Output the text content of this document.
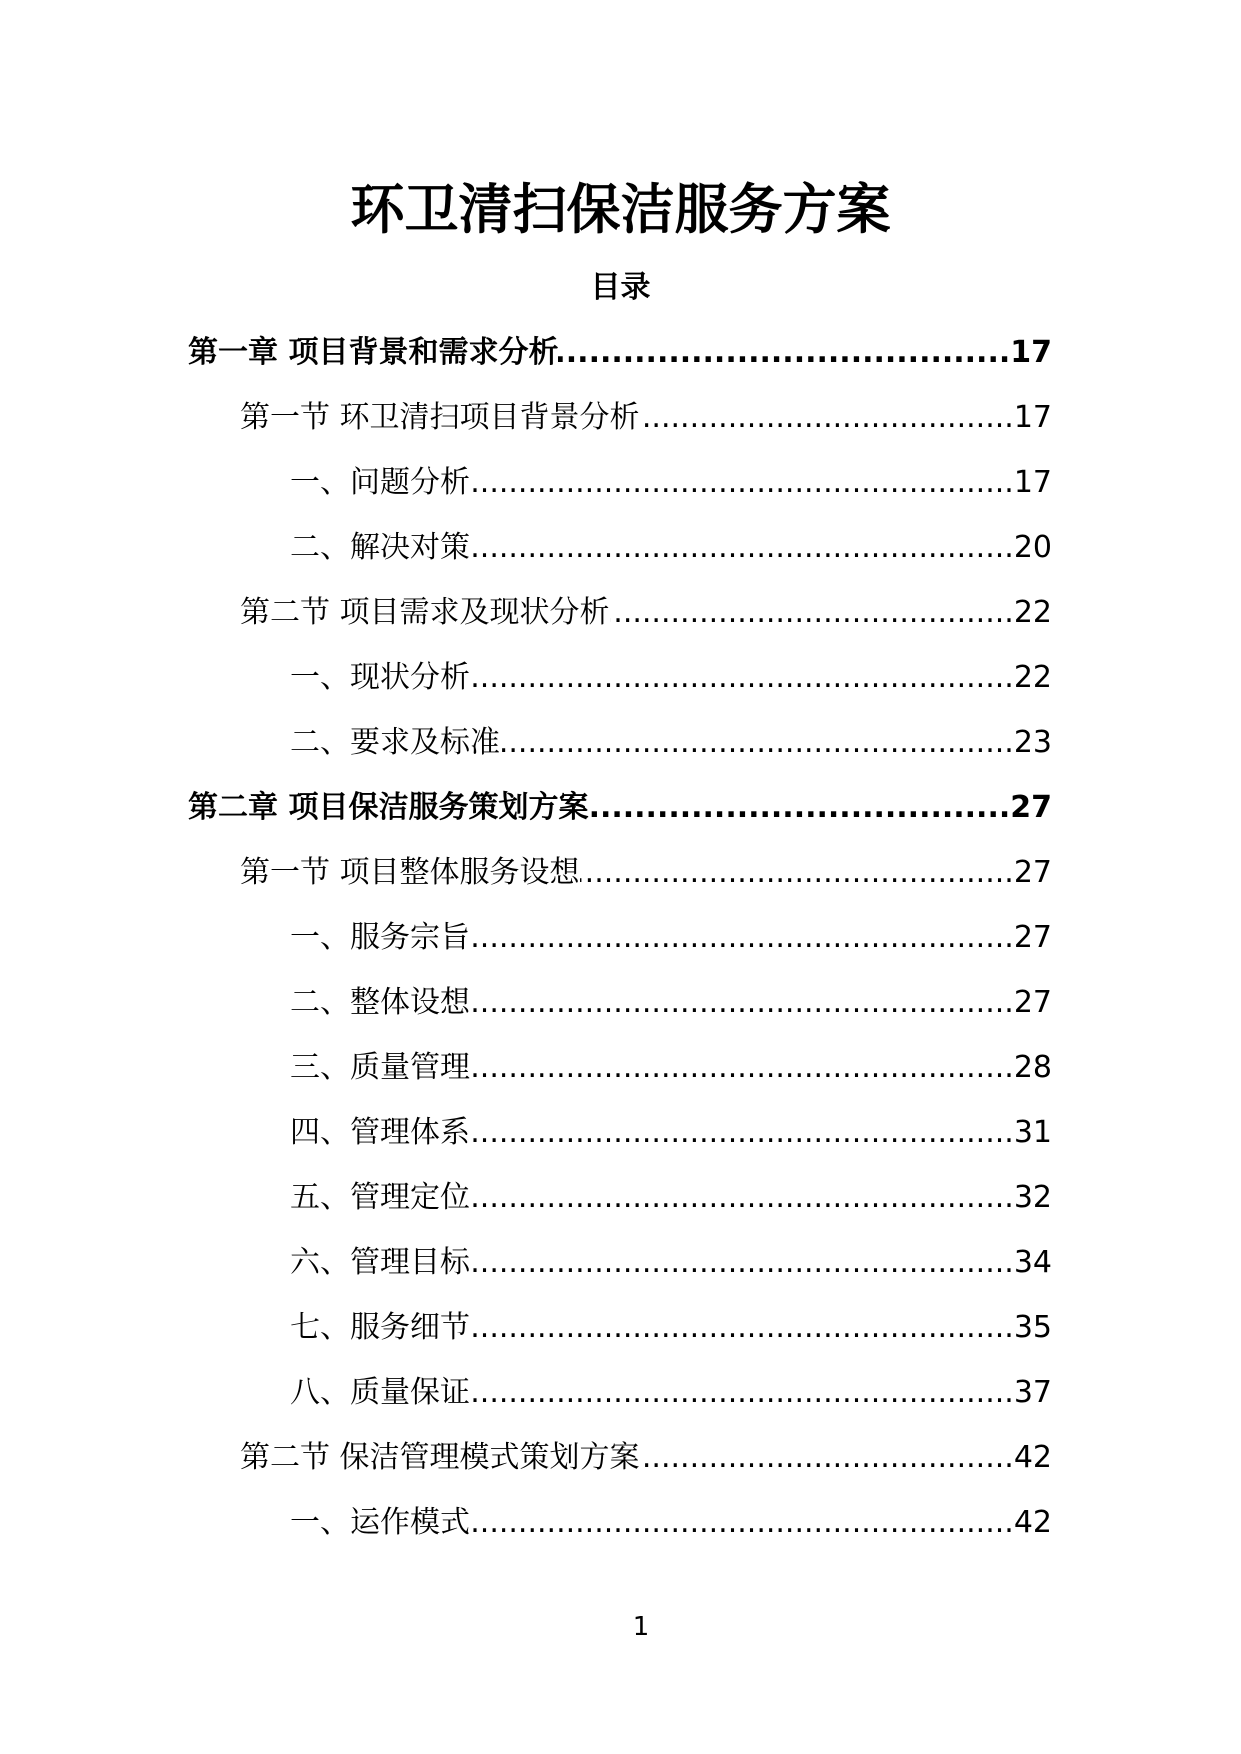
环卫清扫保洁服务方案
目录
第一章 项目背景和需求分析 .....	17
第一节 环卫清扫项目背景分析 .....	17
一、问题分析 .....	17
二、解决对策 .....	20
第二节 项目需求及现状分析 .....	22
一、现状分析 .....	22
二、要求及标准 .....	23
第二章 项目保洁服务策划方案 .....	27
第一节 项目整体服务设想 .....	27
一、服务宗旨 .....	27
二、整体设想 .....	27
三、质量管理 .....	28
四、管理体系 .....	31
五、管理定位 .....	32
六、管理目标 .....	34
七、服务细节 .....	35
八、质量保证 .....	37
第二节 保洁管理模式策划方案 .....	42
一、运作模式 .....	42
1
